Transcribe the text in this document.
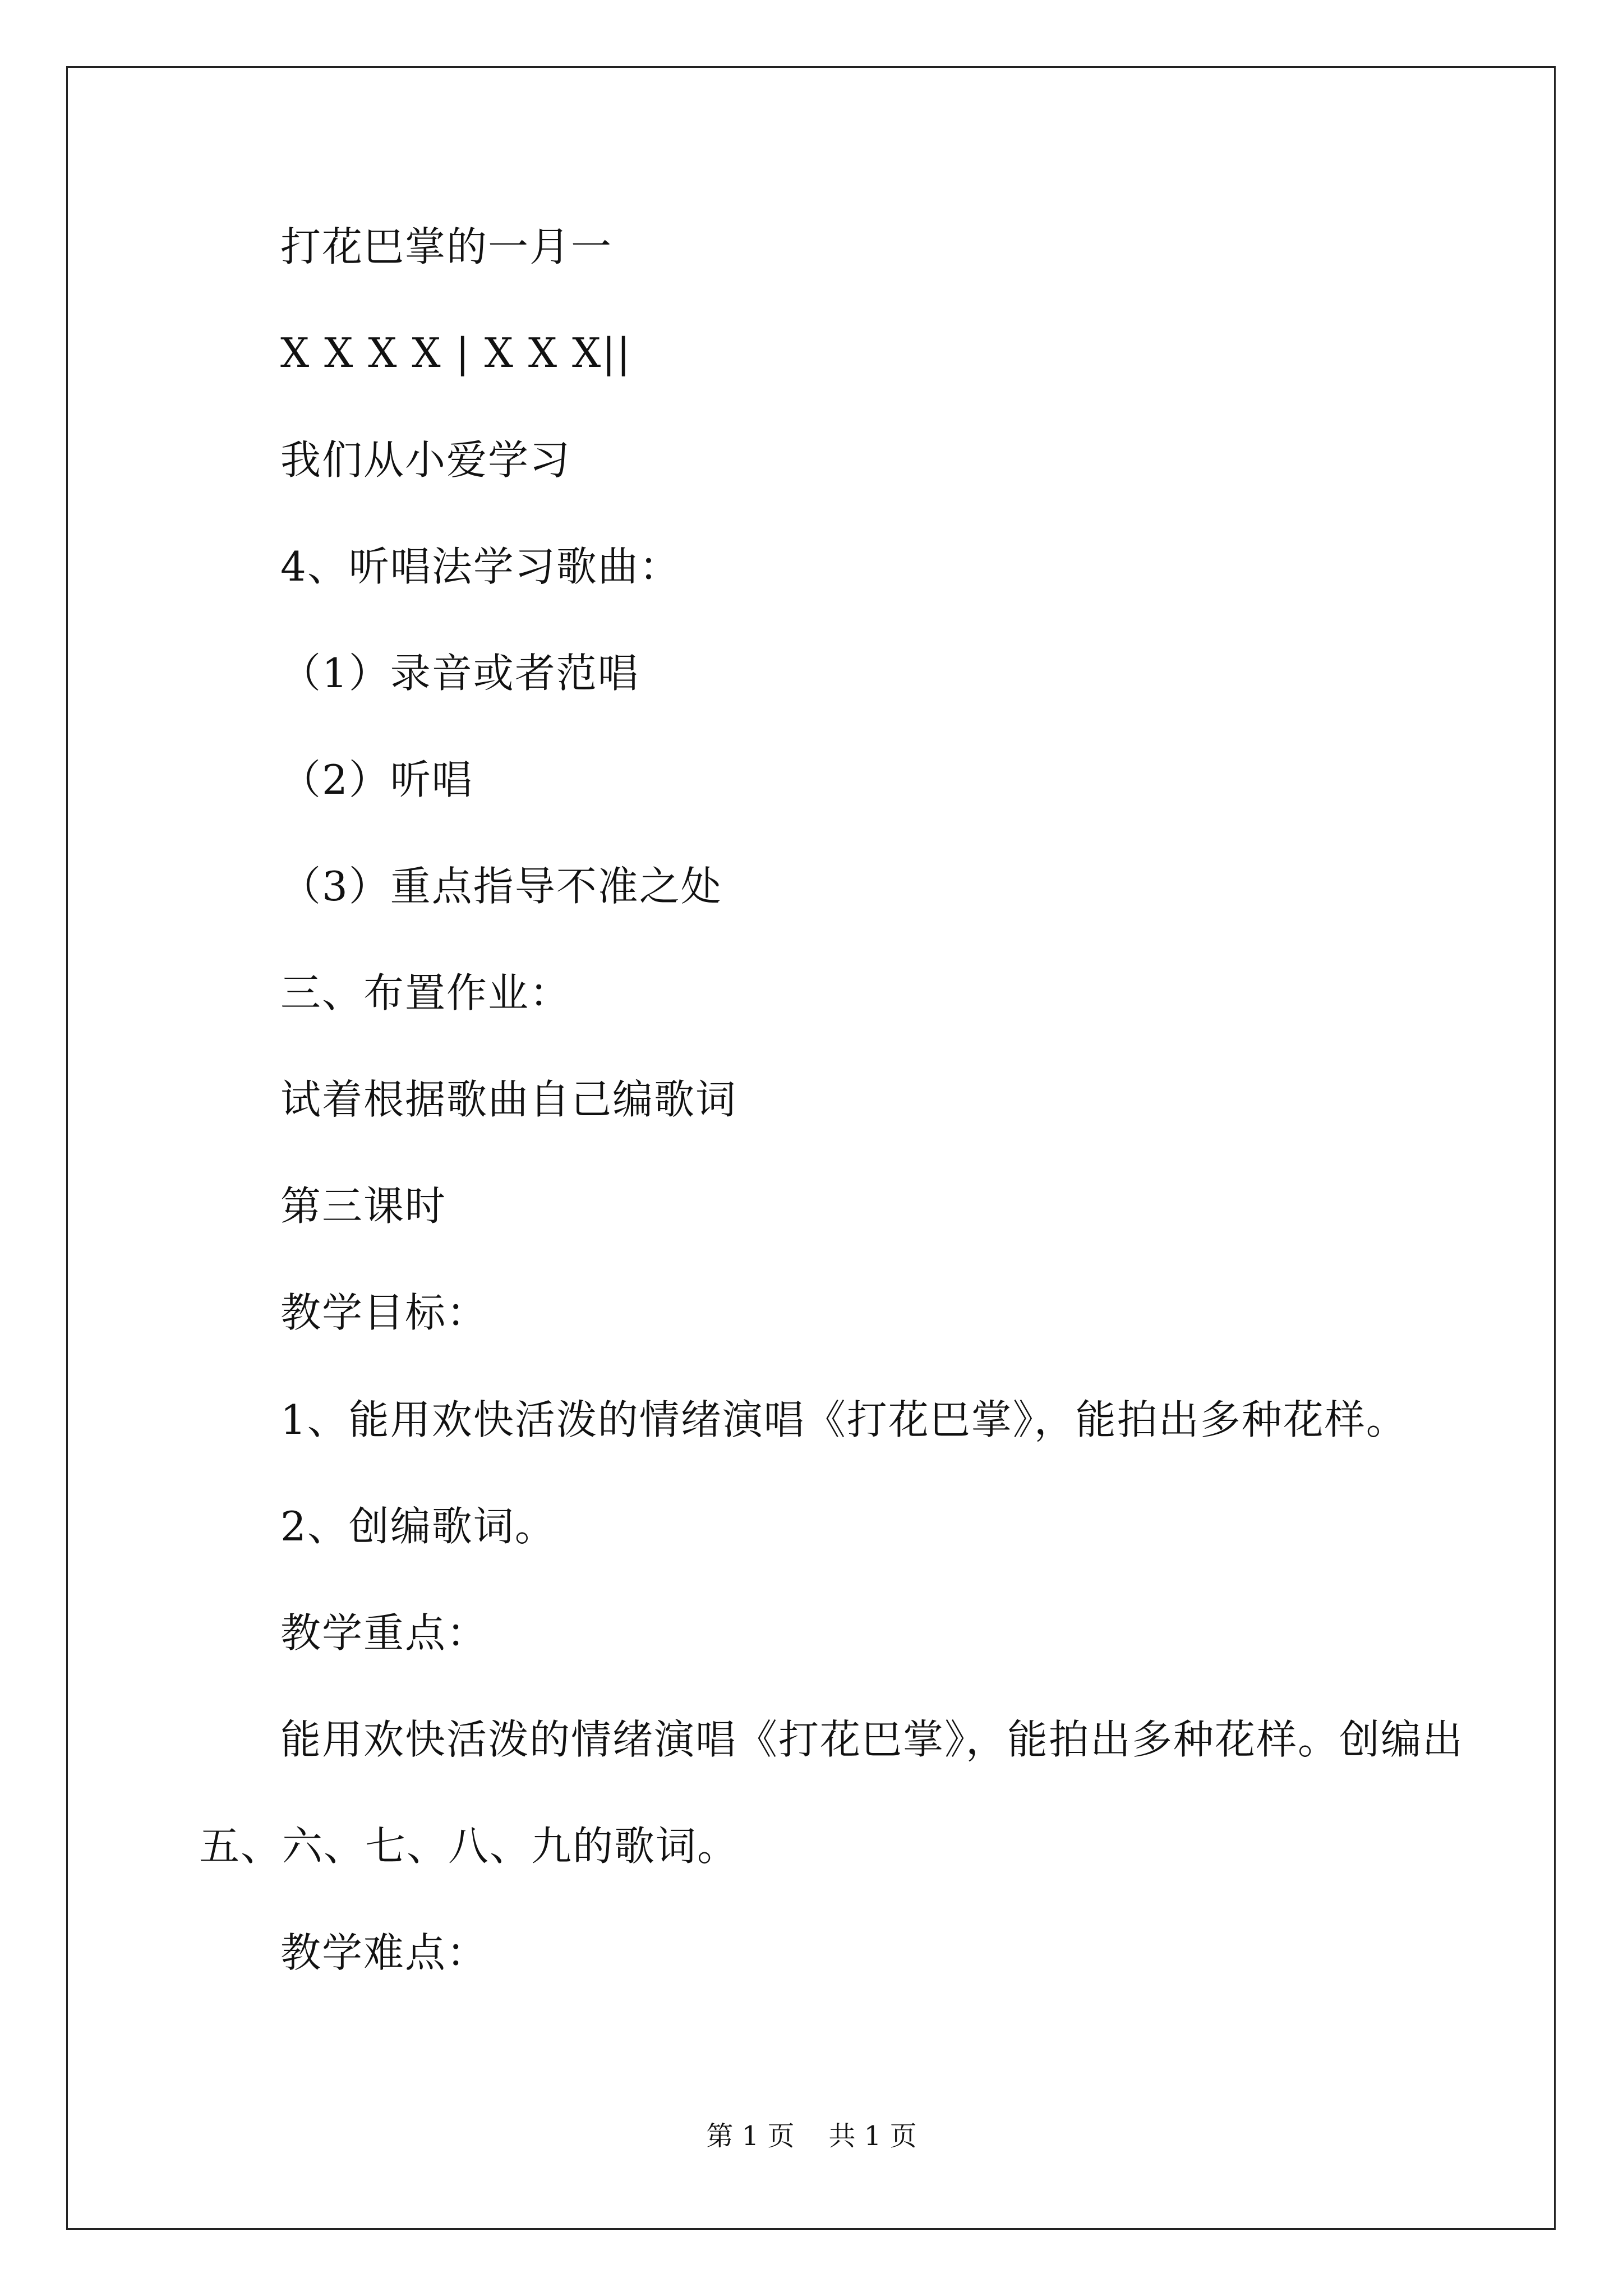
打花巴掌的一月一
X X X X | X X X||
我们从小爱学习
4、听唱法学习歌曲：
（1）录音或者范唱
（2）听唱
（3）重点指导不准之处
三、布置作业：
试着根据歌曲自己编歌词
第三课时
教学目标：
1、能用欢快活泼的情绪演唱《打花巴掌》，能拍出多种花样。
2、创编歌词。
教学重点：
能用欢快活泼的情绪演唱《打花巴掌》，能拍出多种花样。创编出
五、六、七、八、九的歌词。
教学难点：
第 1 页    共 1 页
